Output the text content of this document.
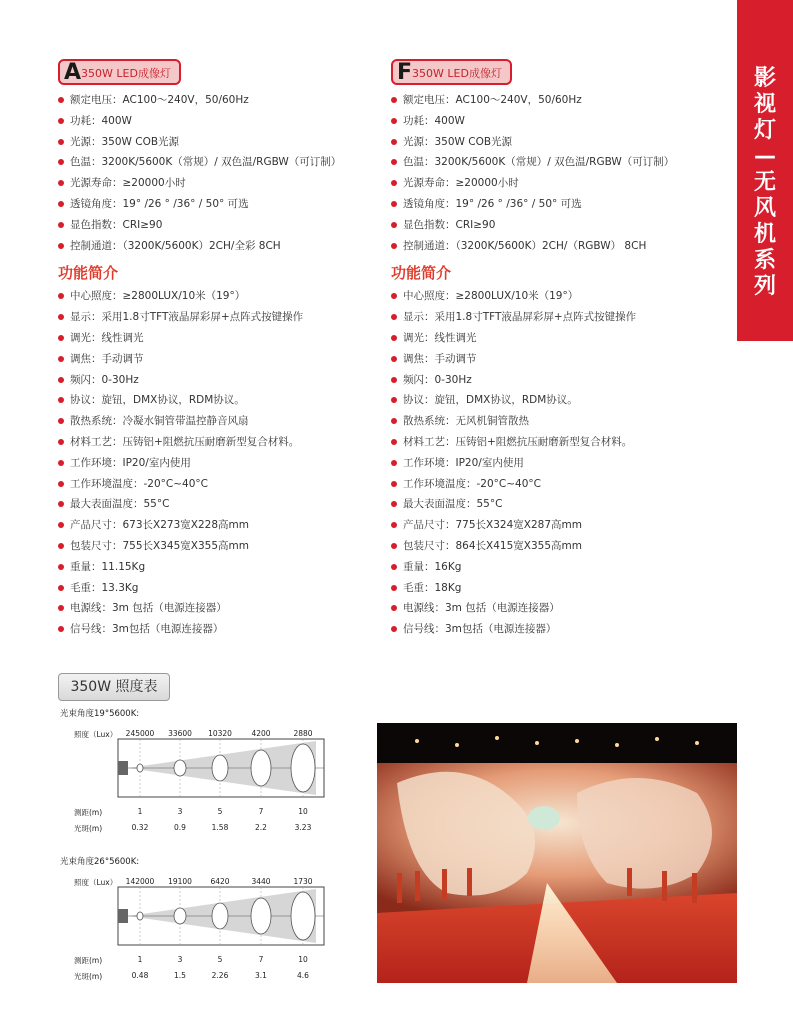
影
视
灯
—
无
风
机
系
列
A350W LED成像灯
额定电压：AC100～240V，50/60Hz
功耗：400W
光源：350W COB光源
色温：3200K/5600K（常规）/ 双色温/RGBW（可订制）
光源寿命：≥20000小时
透镜角度：19° /26 ° /36° / 50° 可选
显色指数：CRI≥90
控制通道：（3200K/5600K）2CH/全彩 8CH
功能简介
中心照度：≥2800LUX/10米（19°）
显示：采用1.8寸TFT液晶屏彩屏+点阵式按键操作
调光：线性调光
调焦：手动调节
频闪：0-30Hz
协议：旋钮，DMX协议，RDM协议。
散热系统：冷凝水铜管带温控静音风扇
材料工艺：压铸铝+阻燃抗压耐磨新型复合材料。
工作环境：IP20/室内使用
工作环境温度：-20°C~40°C
最大表面温度：55°C
产品尺寸：673长X273宽X228高mm
包装尺寸：755长X345宽X355高mm
重量：11.15Kg
毛重：13.3Kg
电源线：3m 包括（电源连接器）
信号线：3m包括（电源连接器）
F350W LED成像灯
额定电压：AC100～240V，50/60Hz
功耗：400W
光源：350W COB光源
色温：3200K/5600K（常规）/ 双色温/RGBW（可订制）
光源寿命：≥20000小时
透镜角度：19° /26 ° /36° / 50° 可选
显色指数：CRI≥90
控制通道：（3200K/5600K）2CH/（RGBW） 8CH
功能简介
中心照度：≥2800LUX/10米（19°）
显示：采用1.8寸TFT液晶屏彩屏+点阵式按键操作
调光：线性调光
调焦：手动调节
频闪：0-30Hz
协议：旋钮，DMX协议，RDM协议。
散热系统：无风机铜管散热
材料工艺：压铸铝+阻燃抗压耐磨新型复合材料。
工作环境：IP20/室内使用
工作环境温度：-20°C~40°C
最大表面温度：55°C
产品尺寸：775长X324宽X287高mm
包装尺寸：864长X415宽X355高mm
重量：16Kg
毛重：18Kg
电源线：3m 包括（电源连接器）
信号线：3m包括（电源连接器）
350W 照度表
光束角度19°5600K:
照度（Lux）
测距(m)
光斑(m)
245000 33600 10320	4200	2880
1	3	5	7	10
0.32	0.9	1.58	2.2	3.23
光束角度26°5600K:
照度（Lux）
测距(m)
光斑(m)
142000 19100 6420	3440	1730
1	3	5	7	10
0.48	1.5	2.26	3.1	4.6
